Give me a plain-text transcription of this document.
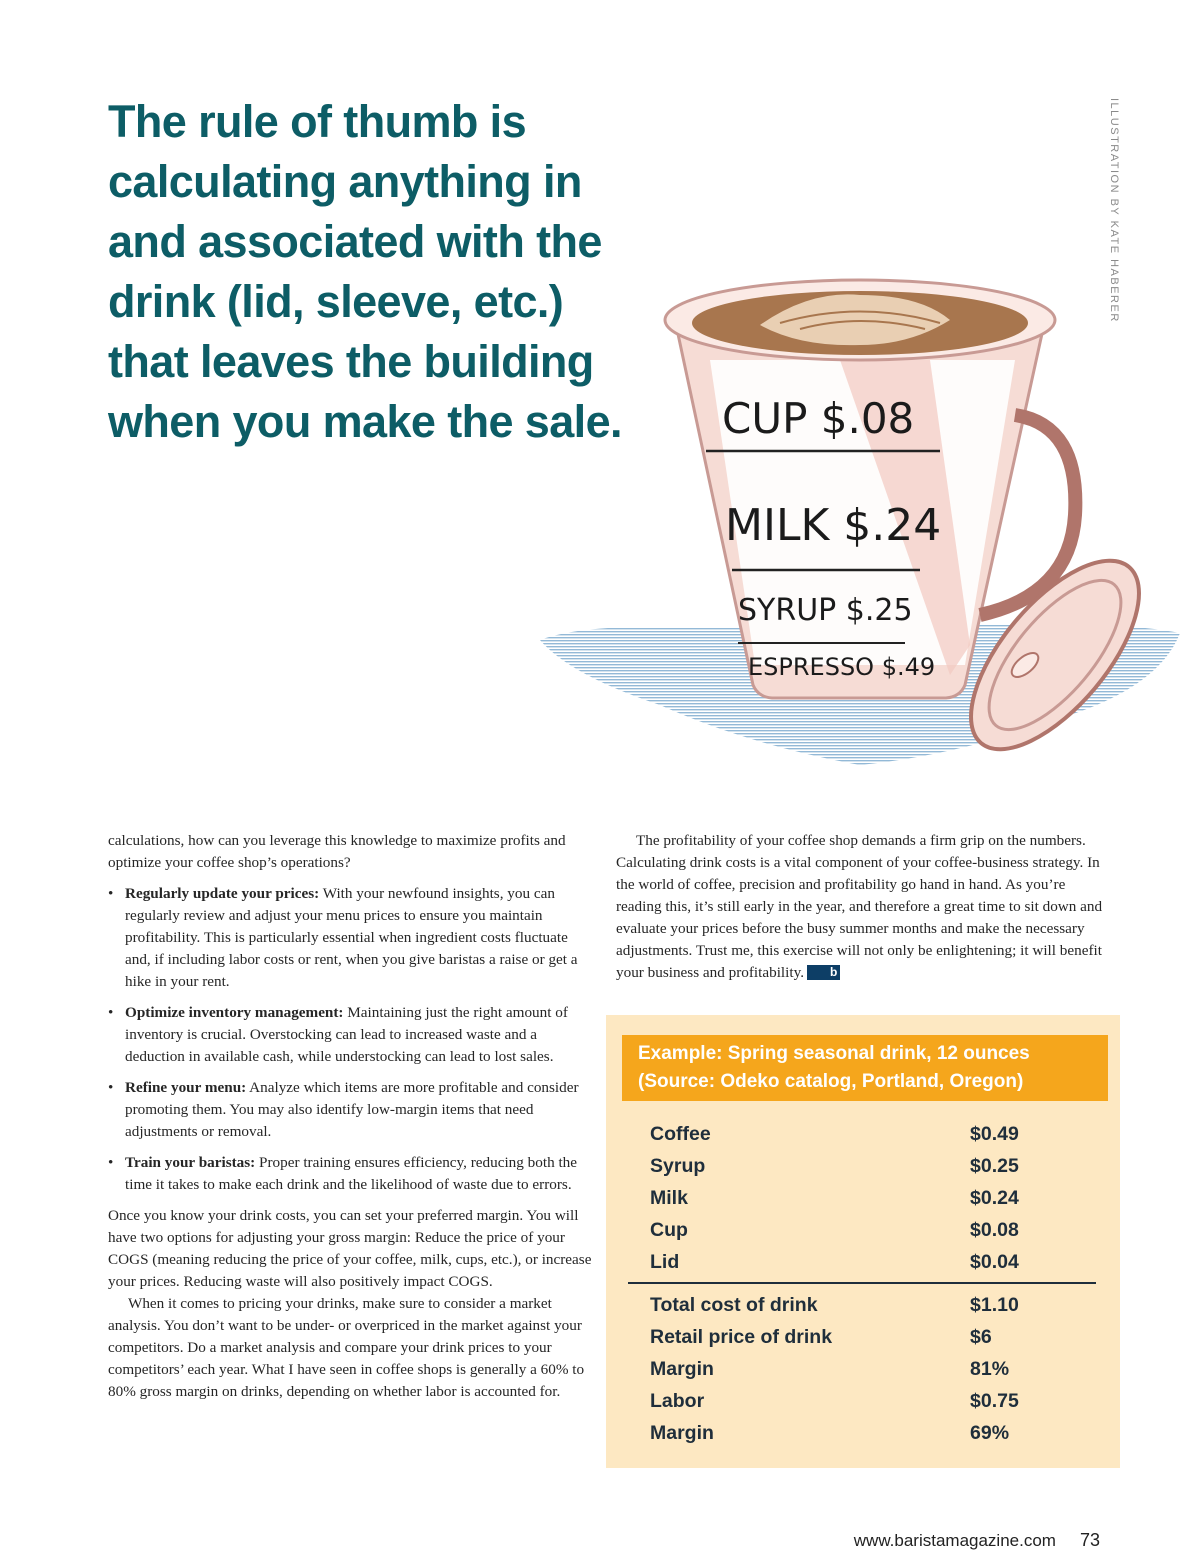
The rule of thumb is
calculating anything in
and associated with the
drink (lid, sleeve, etc.)
that leaves the building
when you make the sale.
ILLUSTRATION BY KATE HABERER
CUP $.08
MILK $.24
SYRUP $.25
ESPRESSO $.49

calculations, how can you leverage this knowledge to maximize profits and optimize your coffee shop’s operations?

• Regularly update your prices: With your newfound insights, you can regularly review and adjust your menu prices to ensure you maintain profitability. This is particularly essential when ingredient costs fluctuate and, if including labor costs or rent, when you give baristas a raise or get a hike in your rent.
• Optimize inventory management: Maintaining just the right amount of inventory is crucial. Overstocking can lead to increased waste and a deduction in available cash, while understocking can lead to lost sales.
• Refine your menu: Analyze which items are more profitable and consider promoting them. You may also identify low-margin items that need adjustments or removal.
• Train your baristas: Proper training ensures efficiency, reducing both the time it takes to make each drink and the likelihood of waste due to errors.

Once you know your drink costs, you can set your preferred margin. You will have two options for adjusting your gross margin: Reduce the price of your COGS (meaning reducing the price of your coffee, milk, cups, etc.), or increase your prices. Reducing waste will also positively impact COGS.

When it comes to pricing your drinks, make sure to consider a market analysis. You don’t want to be under- or overpriced in the market against your competitors. Do a market analysis and compare your drink prices to your competitors’ each year. What I have seen in coffee shops is generally a 60% to 80% gross margin on drinks, depending on whether labor is accounted for.

The profitability of your coffee shop demands a firm grip on the numbers. Calculating drink costs is a vital component of your coffee-business strategy. In the world of coffee, precision and profitability go hand in hand. As you’re reading this, it’s still early in the year, and therefore a great time to sit down and evaluate your prices before the busy summer months and make the necessary adjustments. Trust me, this exercise will not only be enlightening; it will benefit your business and profitability. b

Example: Spring seasonal drink, 12 ounces
(Source: Odeko catalog, Portland, Oregon)
Coffee	$0.49
Syrup	$0.25
Milk	$0.24
Cup	$0.08
Lid	$0.04
Total cost of drink	$1.10
Retail price of drink	$6
Margin	81%
Labor	$0.75
Margin	69%
www.baristamagazine.com 73
